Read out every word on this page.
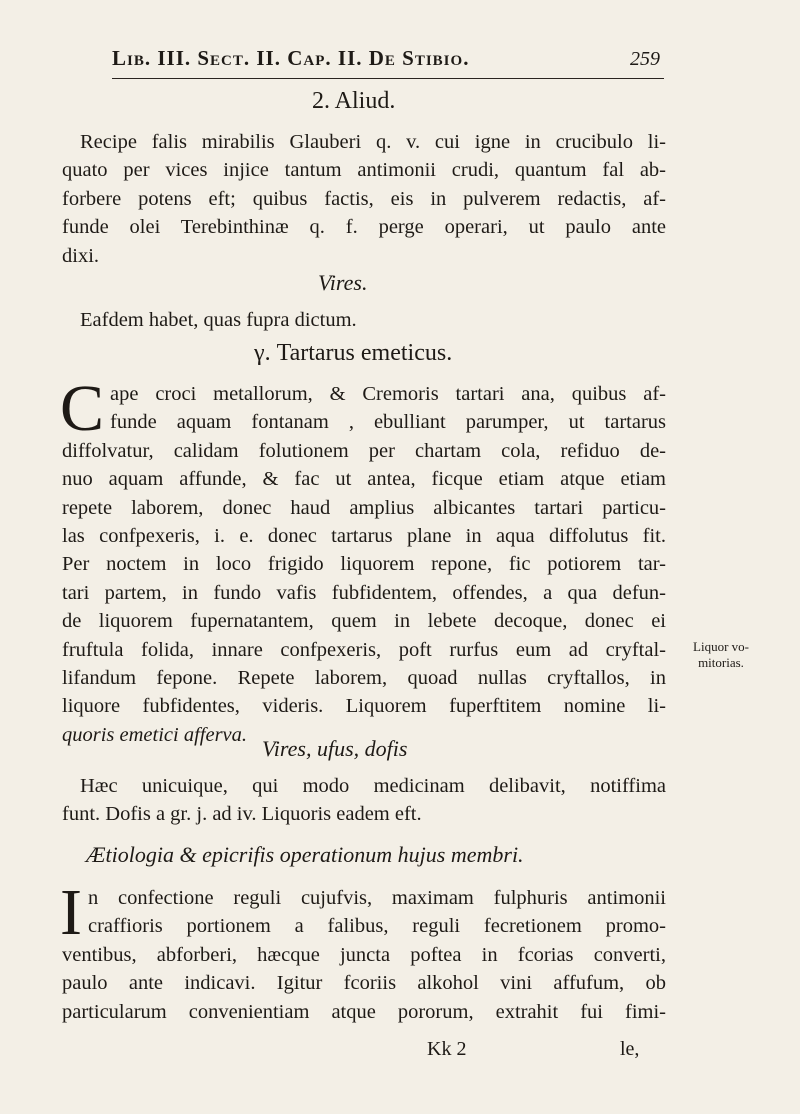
Lib. III. Sect. II. Cap. II. De Stibio.	259
2. Aliud.
Recipe falis mirabilis Glauberi q. v. cui igne in crucibulo li-
quato per vices injice tantum antimonii crudi, quantum fal ab-
forbere potens eft; quibus factis, eis in pulverem redactis, af-
funde olei Terebinthinæ q. f. perge operari, ut paulo ante
dixi.
Vires.
Eafdem habet, quas fupra dictum.
γ. Tartarus emeticus.
C ape croci metallorum, & Cremoris tartari ana, quibus af-
funde aquam fontanam , ebulliant parumper, ut tartarus
diffolvatur, calidam folutionem per chartam cola, refiduo de-
nuo aquam affunde, & fac ut antea, ficque etiam atque etiam
repete laborem, donec haud amplius albicantes tartari particu-
las confpexeris, i. e. donec tartarus plane in aqua diffolutus fit.
Per noctem in loco frigido liquorem repone, fic potiorem tar-
tari partem, in fundo vafis fubfidentem, offendes, a qua defun-
de liquorem fupernatantem, quem in lebete decoque, donec ei
fruftula folida, innare confpexeris, poft rurfus eum ad cryftal-
lifandum fepone. Repete laborem, quoad nullas cryftallos, in
liquore fubfidentes, videris. Liquorem fuperftitem nomine li-
quoris emetici afferva.
Liquor vo-
mitorias.
Vires, ufus, dofis
Hæc unicuique, qui modo medicinam delibavit, notiffima
funt. Dofis a gr. j. ad iv. Liquoris eadem eft.
Ætiologia & epicrifis operationum hujus membri.
I n confectione reguli cujufvis, maximam fulphuris antimonii
craffioris portionem a falibus, reguli fecretionem promo-
ventibus, abforberi, hæcque juncta poftea in fcorias converti,
paulo ante indicavi. Igitur fcoriis alkohol vini affufum, ob
particularum convenientiam atque pororum, extrahit fui fimi-
Kk 2	le,
